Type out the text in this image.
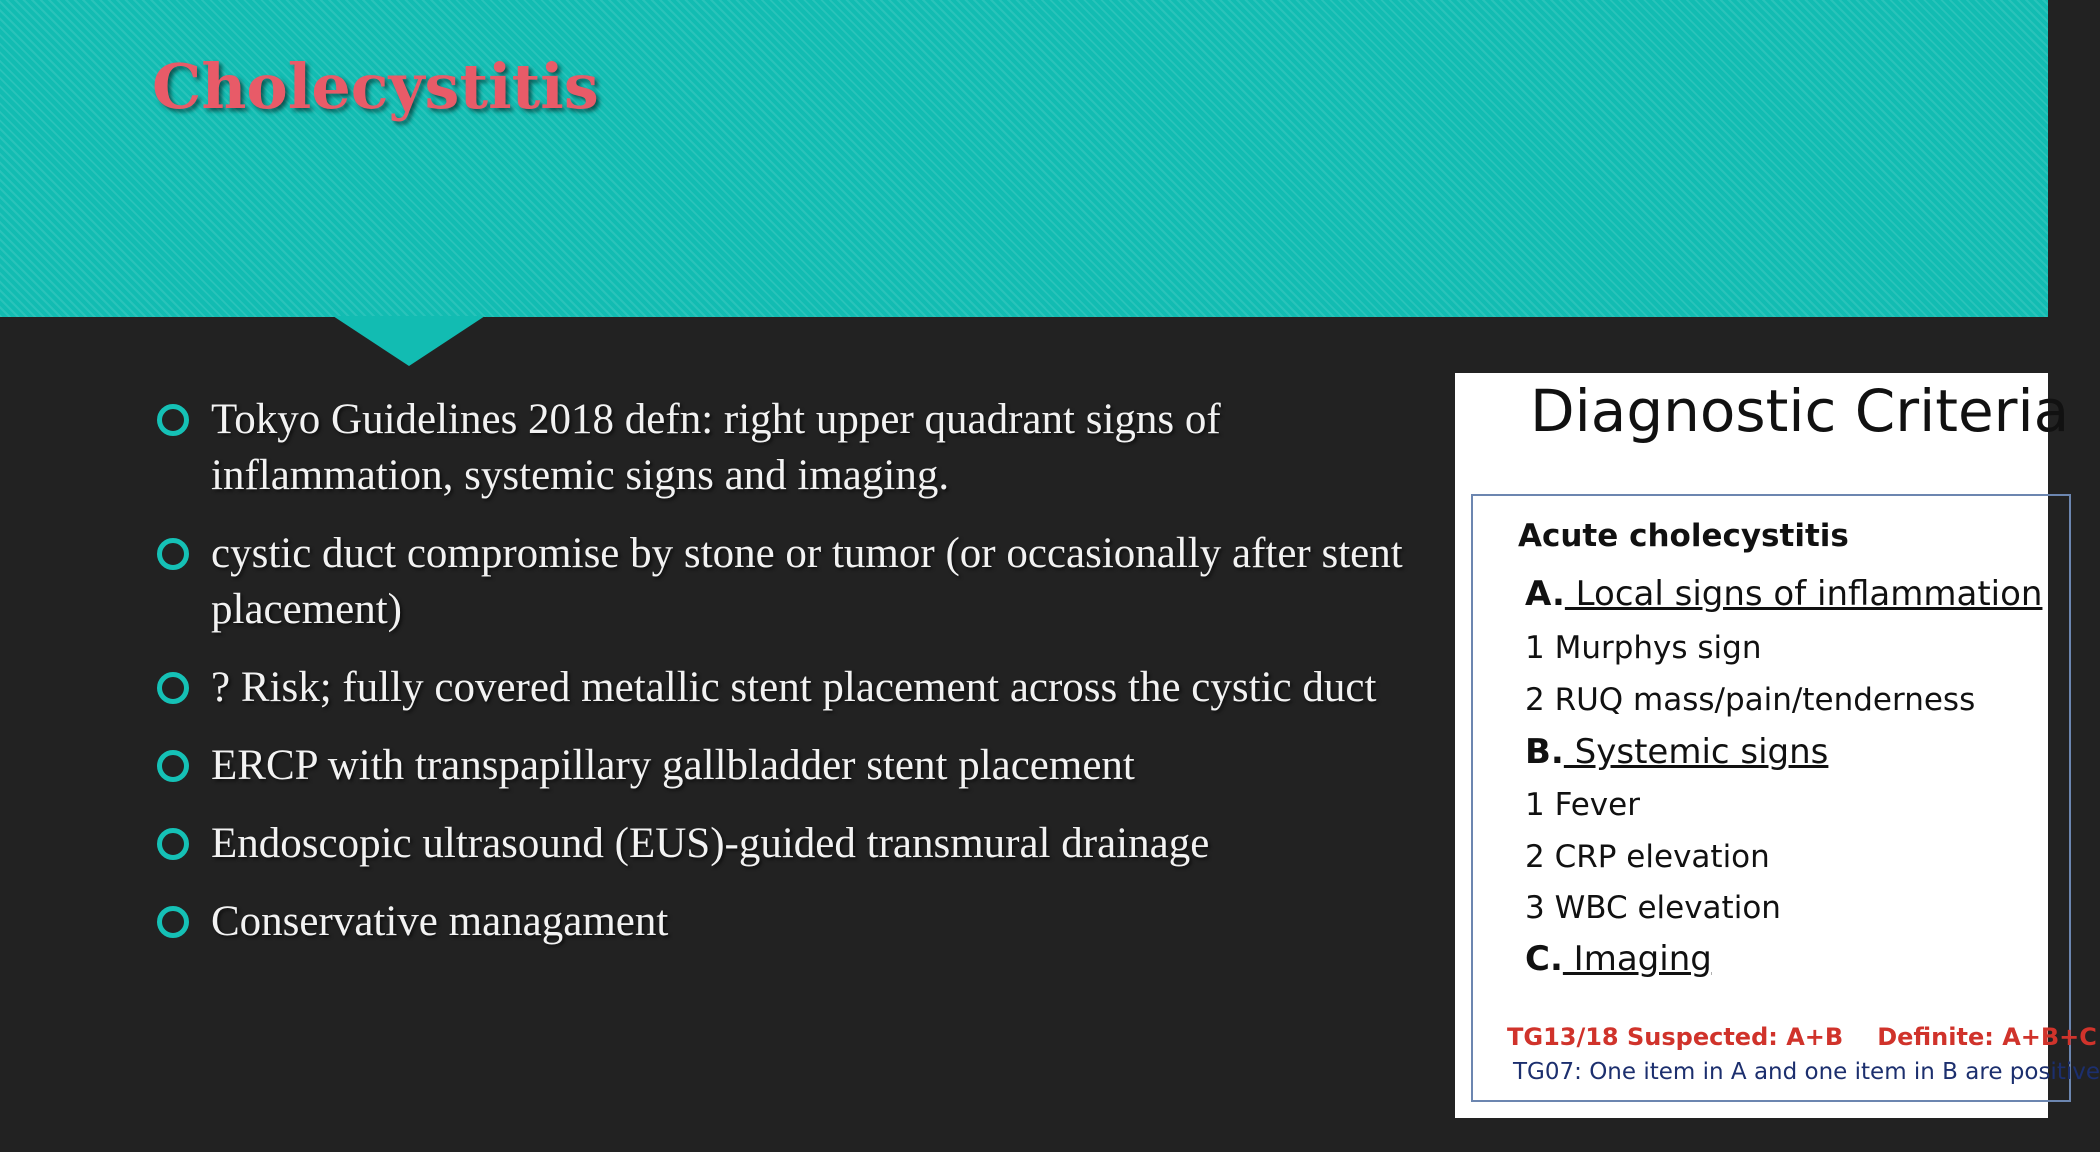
Cholecystitis
Tokyo Guidelines 2018 defn: right upper quadrant signs of inflammation, systemic signs and imaging.
cystic duct compromise by stone or tumor (or occasionally after stent placement)
? Risk; fully covered metallic stent placement across the cystic duct
ERCP with transpapillary gallbladder stent placement
Endoscopic ultrasound (EUS)-guided transmural drainage
Conservative managament
Diagnostic Criteria
Acute cholecystitis
A. Local signs of inflammation
1 Murphys sign
2 RUQ mass/pain/tenderness
B. Systemic signs
1 Fever
2 CRP elevation
3 WBC elevation
C. Imaging
TG13/18 Suspected: A+B Definite: A+B+C
TG07: One item in A and one item in B are positive
